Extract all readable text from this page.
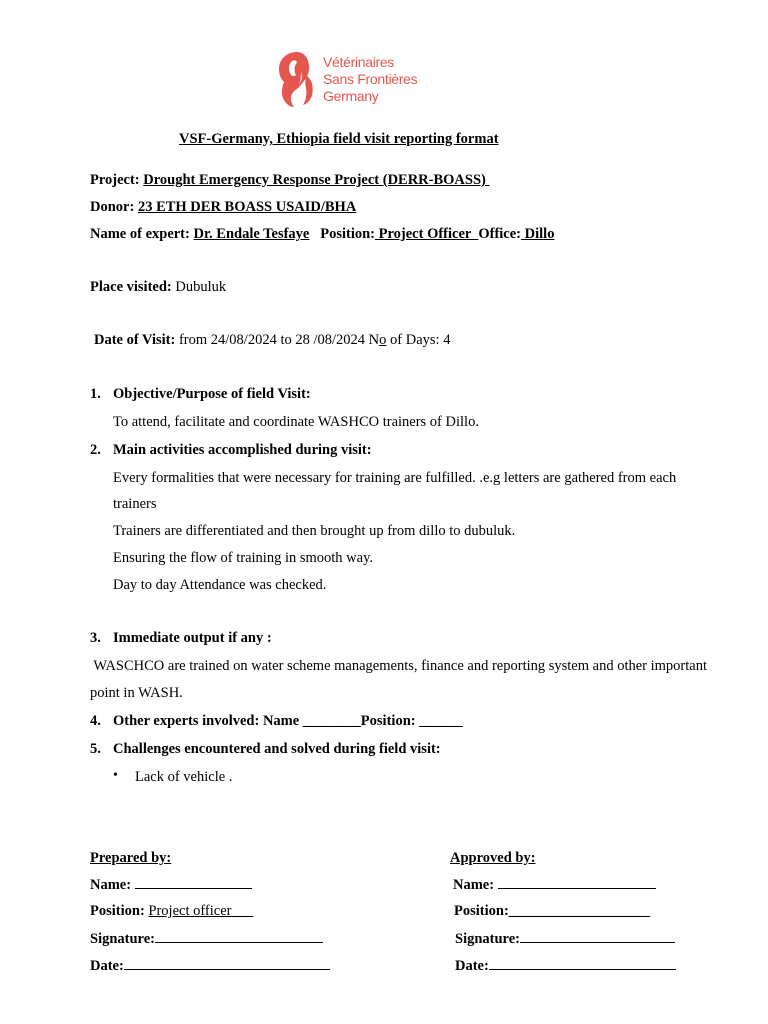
Vétérinaires
Sans Frontières
Germany
VSF-Germany, Ethiopia field visit reporting format
Project: Drought Emergency Response Project (DERR-BOASS)
Donor: 23 ETH DER BOASS USAID/BHA
Name of expert: Dr. Endale Tesfaye Position: Project Officer  Office: Dillo
Place visited: Dubuluk
Date of Visit: from 24/08/2024 to 28 /08/2024 No of Days: 4
1. Objective/Purpose of field Visit:
To attend, facilitate and coordinate WASHCO trainers of Dillo.
2. Main activities accomplished during visit:
Every formalities that were necessary for training are fulfilled. .e.g letters are gathered from each
trainers
Trainers are differentiated and then brought up from dillo to dubuluk.
Ensuring the flow of training in smooth way.
Day to day Attendance was checked.
3. Immediate output if any :
WASCHCO are trained on water scheme managements, finance and reporting system and other important
point in WASH.
4. Other experts involved: Name ________Position: ______
5. Challenges encountered and solved during field visit:
• Lack of vehicle .
Prepared by:
Name:
Position: Project officer
Signature:
Date:
Approved by:
Name:
Position:___________________
Signature:
Date:
